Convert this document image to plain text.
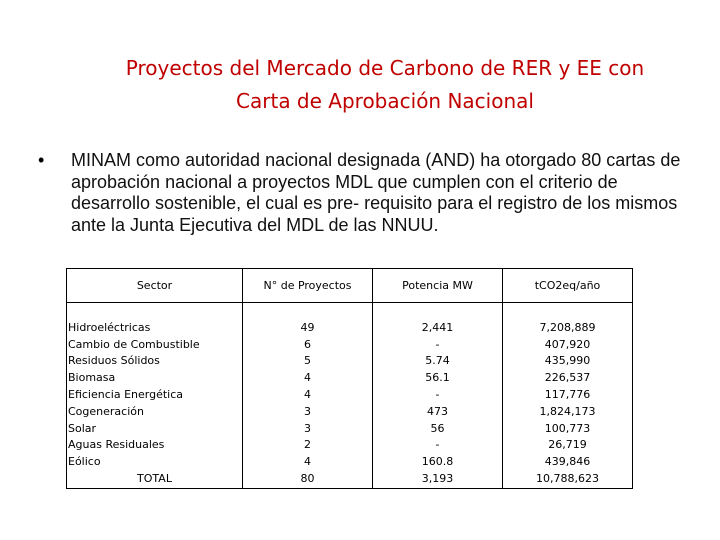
Proyectos del Mercado de Carbono de RER y EE con
Carta de Aprobación Nacional
• MINAM como autoridad nacional designada (AND) ha otorgado 80 cartas de aprobación nacional a proyectos MDL que cumplen con el criterio de desarrollo sostenible, el cual es pre- requisito para el registro de los mismos ante la Junta Ejecutiva del MDL de las NNUU.
Sector	N° de Proyectos	Potencia MW	tCO2eq/año

Hidroeléctricas	49	2,441	7,208,889
Cambio de Combustible	6	-	407,920
Residuos Sólidos	5	5.74	435,990
Biomasa	4	56.1	226,537
Eficiencia Energética	4	-	117,776
Cogeneración	3	473	1,824,173
Solar	3	56	100,773
Aguas Residuales	2	-	26,719
Eólico	4	160.8	439,846
TOTAL	80	3,193	10,788,623
